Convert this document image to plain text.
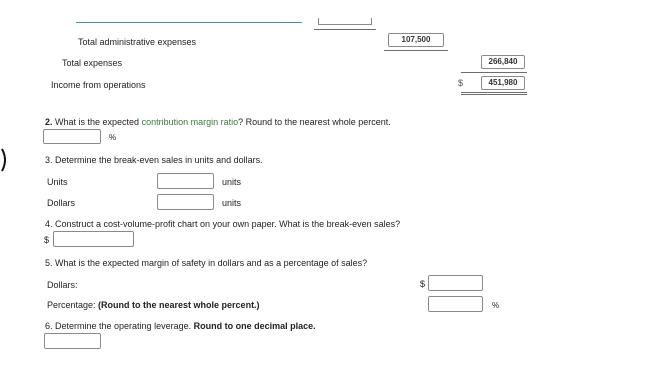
Total administrative expenses	107,500
Total expenses	266,840
Income from operations	$	451,980
2. What is the expected contribution margin ratio? Round to the nearest whole percent.
%
3. Determine the break-even sales in units and dollars.
Units	units
Dollars	units
4. Construct a cost-volume-profit chart on your own paper. What is the break-even sales?
$
5. What is the expected margin of safety in dollars and as a percentage of sales?
Dollars:	$
Percentage: (Round to the nearest whole percent.)	%
6. Determine the operating leverage. Round to one decimal place.
